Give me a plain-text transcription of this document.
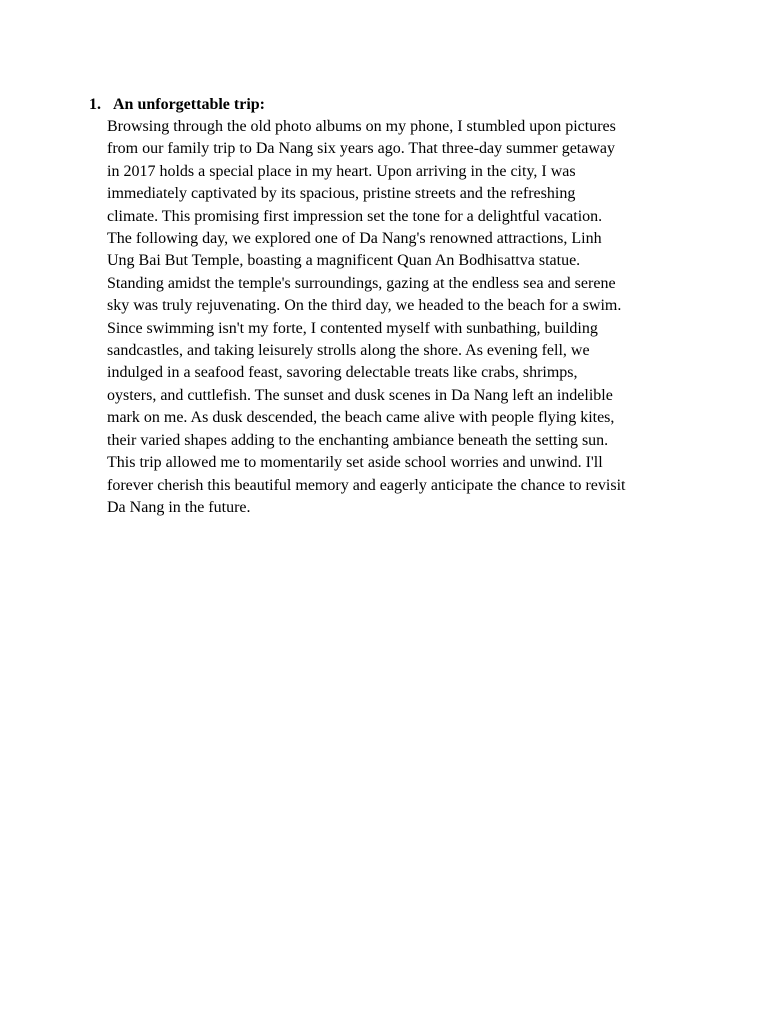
1. An unforgettable trip:

Browsing through the old photo albums on my phone, I stumbled upon pictures
from our family trip to Da Nang six years ago. That three-day summer getaway
in 2017 holds a special place in my heart. Upon arriving in the city, I was
immediately captivated by its spacious, pristine streets and the refreshing
climate. This promising first impression set the tone for a delightful vacation.
The following day, we explored one of Da Nang's renowned attractions, Linh
Ung Bai But Temple, boasting a magnificent Quan An Bodhisattva statue.
Standing amidst the temple's surroundings, gazing at the endless sea and serene
sky was truly rejuvenating. On the third day, we headed to the beach for a swim.
Since swimming isn't my forte, I contented myself with sunbathing, building
sandcastles, and taking leisurely strolls along the shore. As evening fell, we
indulged in a seafood feast, savoring delectable treats like crabs, shrimps,
oysters, and cuttlefish. The sunset and dusk scenes in Da Nang left an indelible
mark on me. As dusk descended, the beach came alive with people flying kites,
their varied shapes adding to the enchanting ambiance beneath the setting sun.
This trip allowed me to momentarily set aside school worries and unwind. I'll
forever cherish this beautiful memory and eagerly anticipate the chance to revisit
Da Nang in the future.
